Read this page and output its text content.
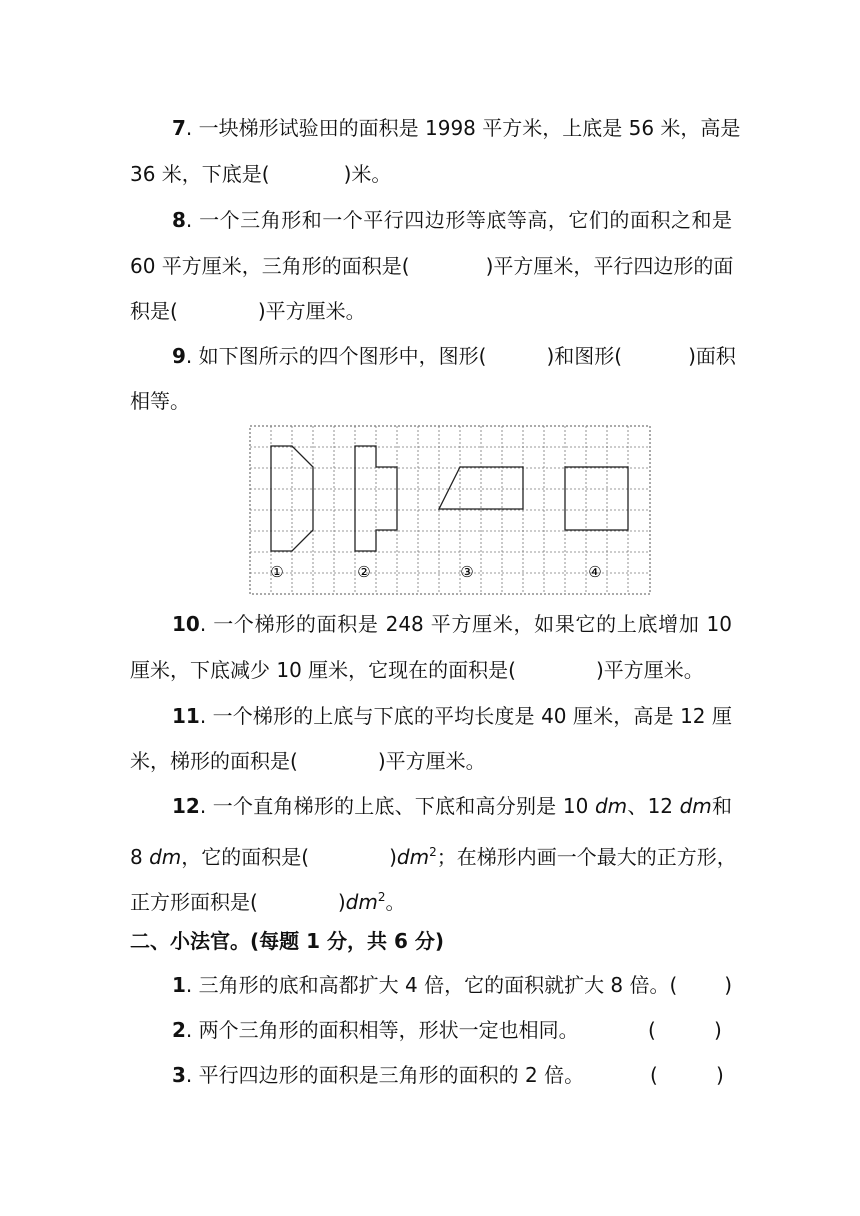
7. 一块梯形试验田的面积是 1998 平方米，上底是 56 米，高是
36 米，下底是(	)米。
8. 一个三角形和一个平行四边形等底等高，它们的面积之和是
60 平方厘米，三角形的面积是(	)平方厘米，平行四边形的面
积是(	)平方厘米。
9. 如下图所示的四个图形中，图形(	)和图形(	)面积
相等。
①	②	③	④
10. 一个梯形的面积是 248 平方厘米，如果它的上底增加 10
厘米，下底减少 10 厘米，它现在的面积是(	)平方厘米。
11. 一个梯形的上底与下底的平均长度是 40 厘米，高是 12 厘
米，梯形的面积是(	)平方厘米。
12. 一个直角梯形的上底、下底和高分别是 10 dm、12 dm和
8 dm，它的面积是(	)$dm^2$；在梯形内画一个最大的正方形，
正方形面积是(	)$dm^2$。
二、小法官。(每题 1 分，共 6 分)
1. 三角形的底和高都扩大 4 倍，它的面积就扩大 8 倍。( )
2. 两个三角形的面积相等，形状一定也相同。	(	)
3. 平行四边形的面积是三角形的面积的 2 倍。	(	)
